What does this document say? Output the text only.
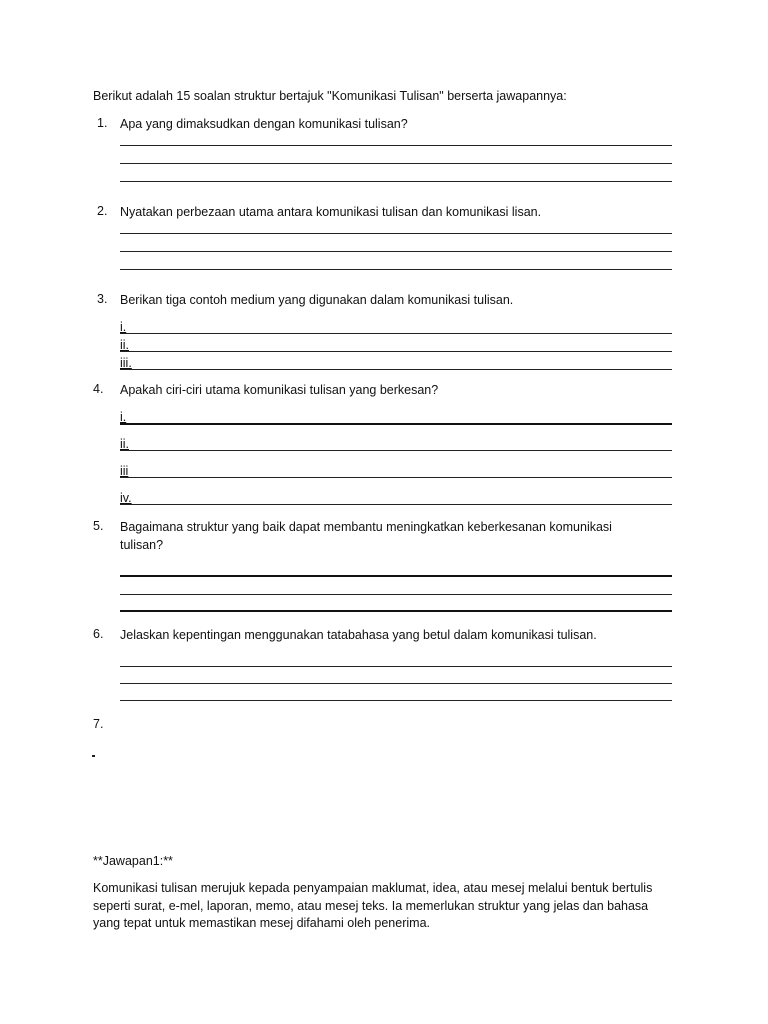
Berikut adalah 15 soalan struktur bertajuk "Komunikasi Tulisan" berserta jawapannya:
1.	Apa yang dimaksudkan dengan komunikasi tulisan?
2.	Nyatakan perbezaan utama antara komunikasi tulisan dan komunikasi lisan.
3.	Berikan tiga contoh medium yang digunakan dalam komunikasi tulisan.
i.
ii.
iii.
4.	Apakah ciri-ciri utama komunikasi tulisan yang berkesan?
i.
ii.
iii
iv.
5.	Bagaimana struktur yang baik dapat membantu meningkatkan keberkesanan komunikasi tulisan?
6.	Jelaskan kepentingan menggunakan tatabahasa yang betul dalam komunikasi tulisan.
7.
**Jawapan1:**
Komunikasi tulisan merujuk kepada penyampaian maklumat, idea, atau mesej melalui bentuk bertulis seperti surat, e-mel, laporan, memo, atau mesej teks. Ia memerlukan struktur yang jelas dan bahasa yang tepat untuk memastikan mesej difahami oleh penerima.
